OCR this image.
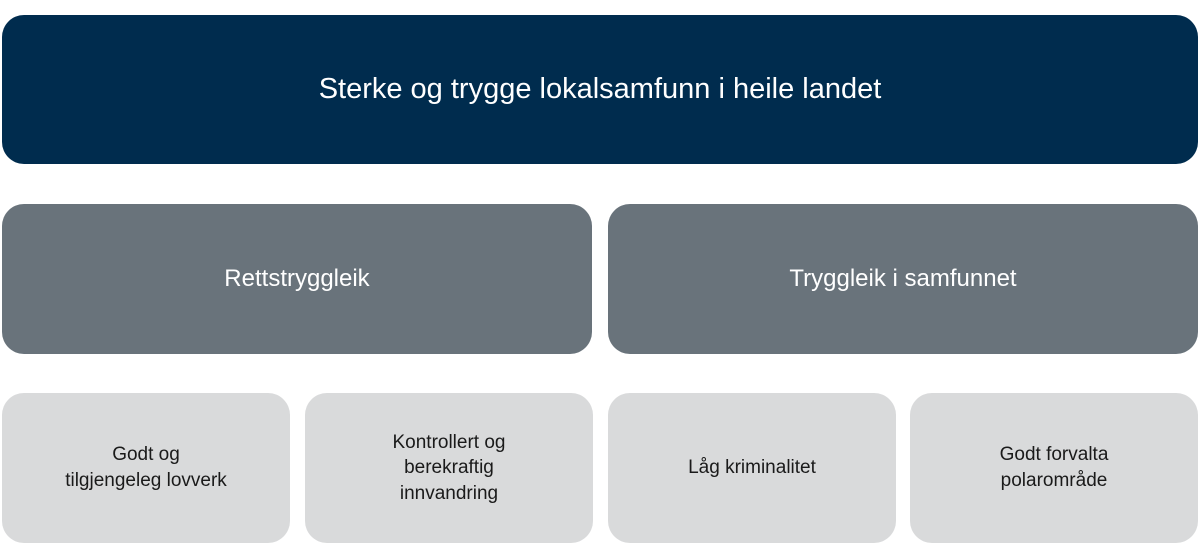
Sterke og trygge lokalsamfunn i heile landet
Rettstryggleik	Tryggleik i samfunnet
Godt og
tilgjengeleg lovverk
Kontrollert og
berekraftig
innvandring
Låg kriminalitet
Godt forvalta
polarområde
